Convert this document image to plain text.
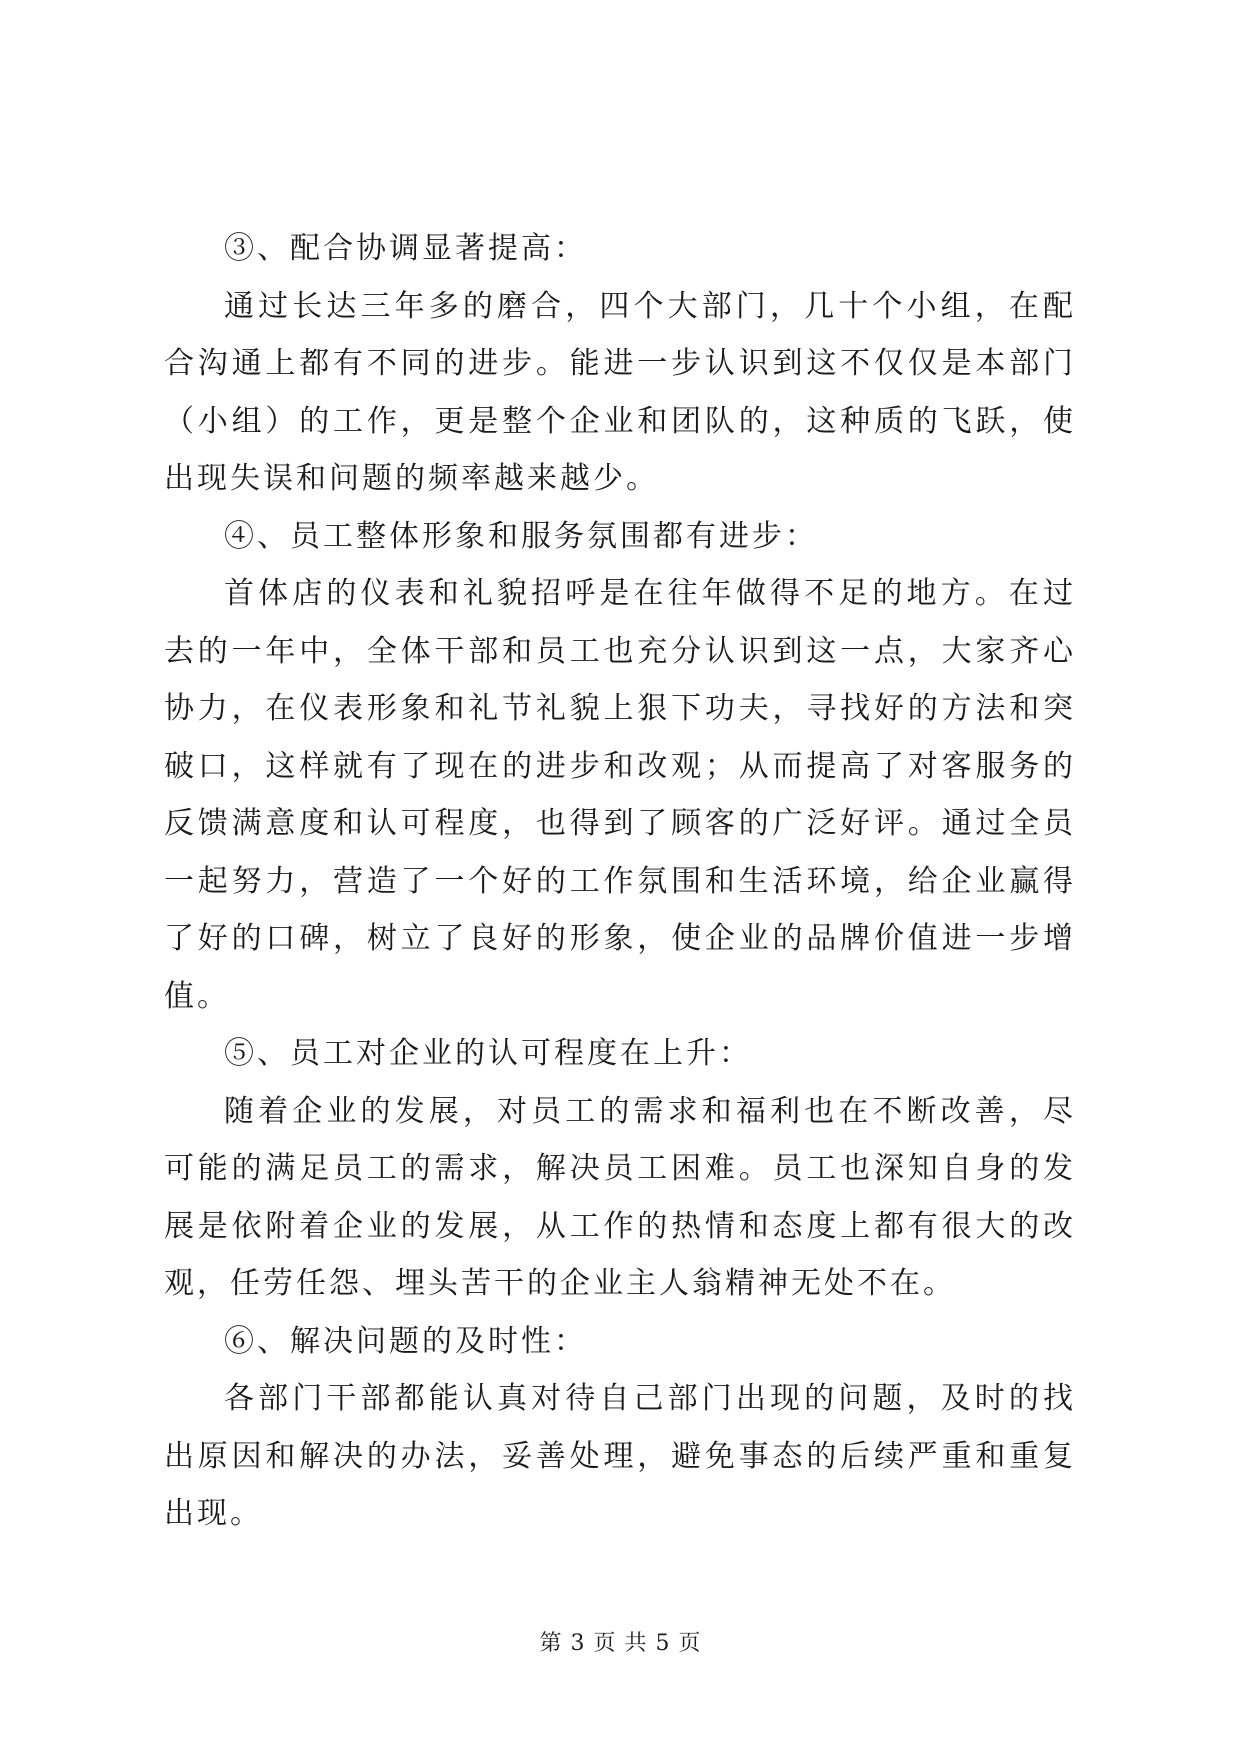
③、配合协调显著提高：

通过长达三年多的磨合，四个大部门，几十个小组，在配合沟通上都有不同的进步。能进一步认识到这不仅仅是本部门（小组）的工作，更是整个企业和团队的，这种质的飞跃，使出现失误和问题的频率越来越少。

④、员工整体形象和服务氛围都有进步：

首体店的仪表和礼貌招呼是在往年做得不足的地方。在过去的一年中，全体干部和员工也充分认识到这一点，大家齐心协力，在仪表形象和礼节礼貌上狠下功夫，寻找好的方法和突破口，这样就有了现在的进步和改观；从而提高了对客服务的反馈满意度和认可程度，也得到了顾客的广泛好评。通过全员一起努力，营造了一个好的工作氛围和生活环境，给企业赢得了好的口碑，树立了良好的形象，使企业的品牌价值进一步增值。

⑤、员工对企业的认可程度在上升：

随着企业的发展，对员工的需求和福利也在不断改善，尽可能的满足员工的需求，解决员工困难。员工也深知自身的发展是依附着企业的发展，从工作的热情和态度上都有很大的改观，任劳任怨、埋头苦干的企业主人翁精神无处不在。

⑥、解决问题的及时性：

各部门干部都能认真对待自己部门出现的问题，及时的找出原因和解决的办法，妥善处理，避免事态的后续严重和重复出现。

第 3 页 共 5 页
